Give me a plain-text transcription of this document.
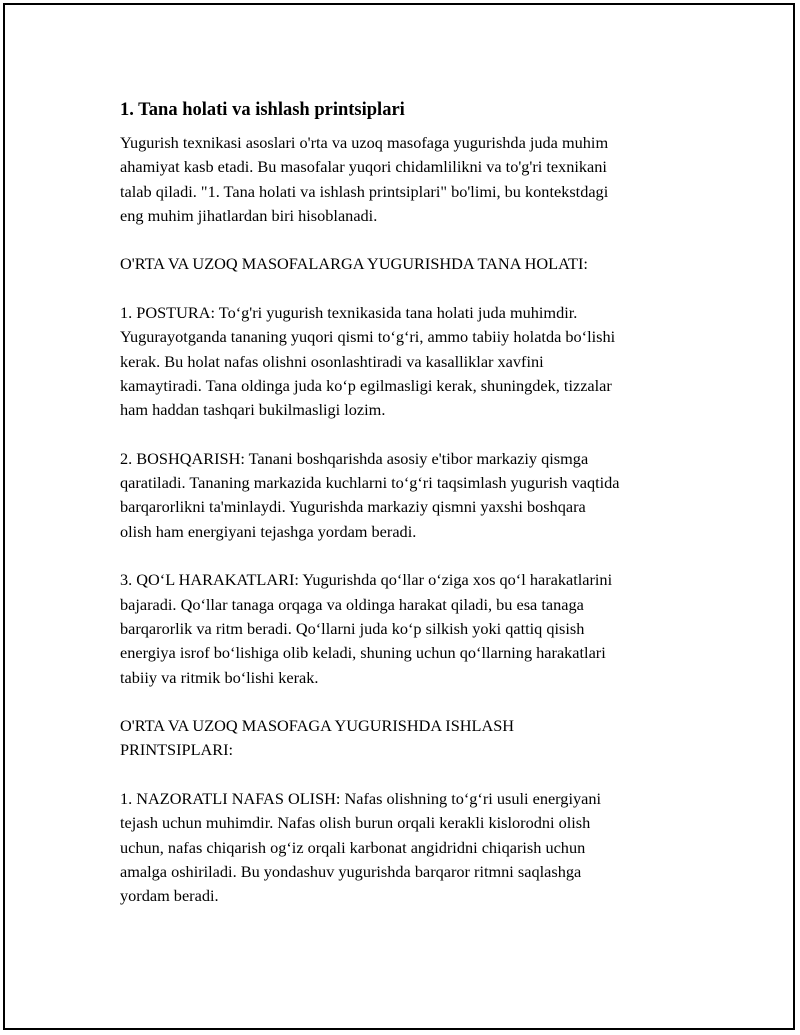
1. Tana holati va ishlash printsiplari

Yugurish texnikasi asoslari o'rta va uzoq masofaga yugurishda juda muhim
ahamiyat kasb etadi. Bu masofalar yuqori chidamlilikni va to'g'ri texnikani
talab qiladi. "1. Tana holati va ishlash printsiplari" bo'limi, bu kontekstdagi
eng muhim jihatlardan biri hisoblanadi.

O'RTA VA UZOQ MASOFALARGA YUGURISHDA TANA HOLATI:

1. POSTURA: To‘g'ri yugurish texnikasida tana holati juda muhimdir.
Yugurayotganda tananing yuqori qismi to‘g‘ri, ammo tabiiy holatda bo‘lishi
kerak. Bu holat nafas olishni osonlashtiradi va kasalliklar xavfini
kamaytiradi. Tana oldinga juda ko‘p egilmasligi kerak, shuningdek, tizzalar
ham haddan tashqari bukilmasligi lozim.

2. BOSHQARISH: Tanani boshqarishda asosiy e'tibor markaziy qismga
qaratiladi. Tananing markazida kuchlarni to‘g‘ri taqsimlash yugurish vaqtida
barqarorlikni ta'minlaydi. Yugurishda markaziy qismni yaxshi boshqara
olish ham energiyani tejashga yordam beradi.

3. QO‘L HARAKATLARI: Yugurishda qo‘llar o‘ziga xos qo‘l harakatlarini
bajaradi. Qo‘llar tanaga orqaga va oldinga harakat qiladi, bu esa tanaga
barqarorlik va ritm beradi. Qo‘llarni juda ko‘p silkish yoki qattiq qisish
energiya isrof bo‘lishiga olib keladi, shuning uchun qo‘llarning harakatlari
tabiiy va ritmik bo‘lishi kerak.

O'RTA VA UZOQ MASOFAGA YUGURISHDA ISHLASH
PRINTSIPLARI:

1. NAZORATLI NAFAS OLISH: Nafas olishning to‘g‘ri usuli energiyani
tejash uchun muhimdir. Nafas olish burun orqali kerakli kislorodni olish
uchun, nafas chiqarish og‘iz orqali karbonat angidridni chiqarish uchun
amalga oshiriladi. Bu yondashuv yugurishda barqaror ritmni saqlashga
yordam beradi.
